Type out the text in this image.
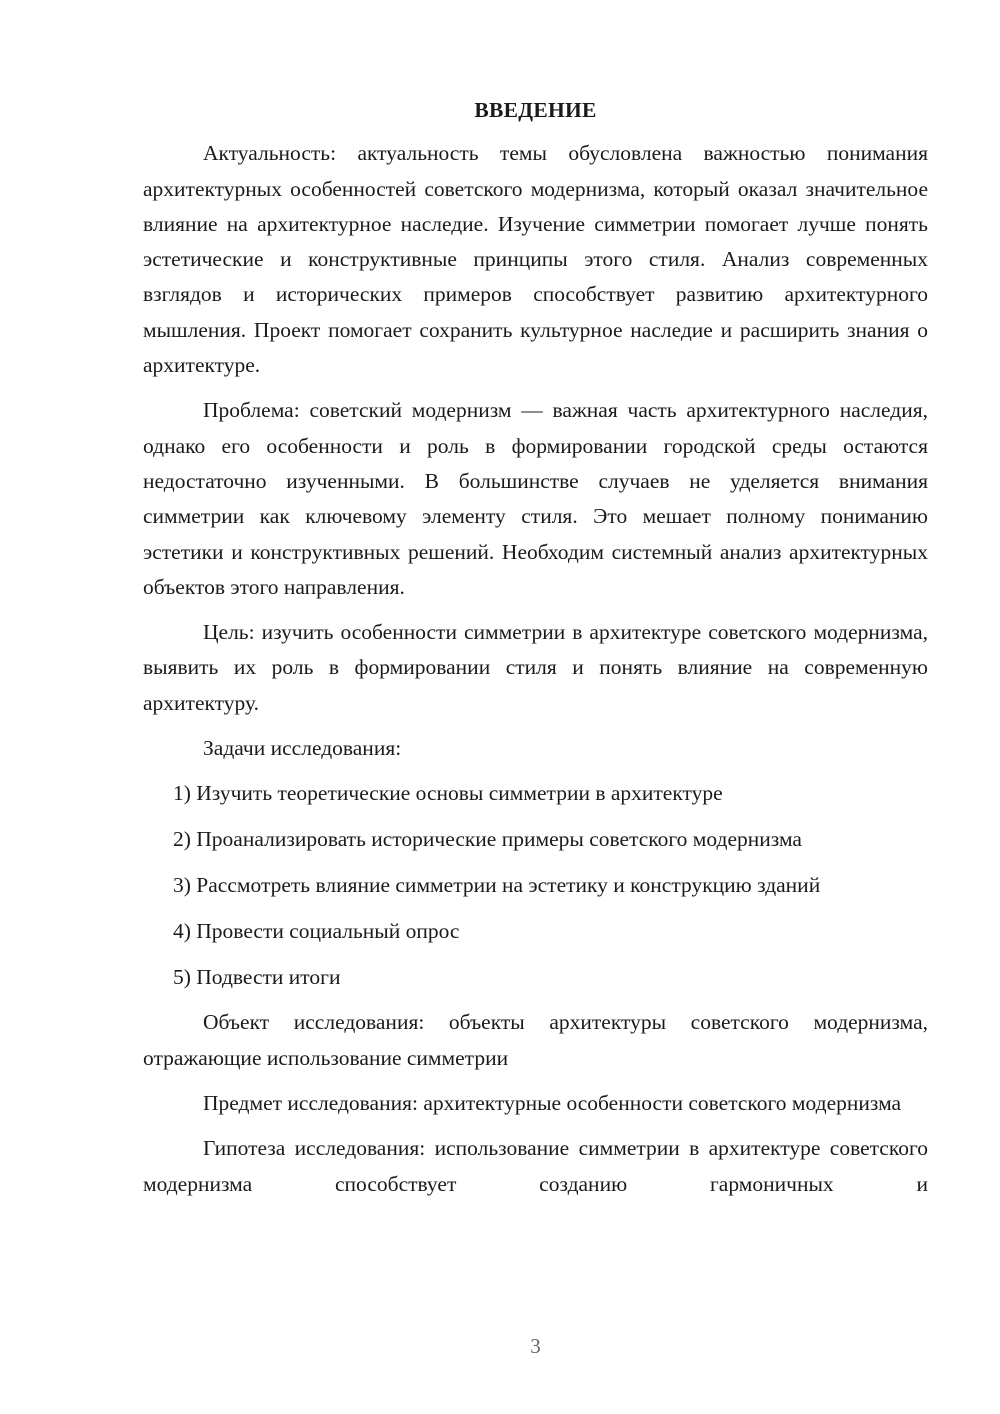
ВВЕДЕНИЕ

Актуальность: актуальность темы обусловлена важностью понимания архитектурных особенностей советского модернизма, который оказал значительное влияние на архитектурное наследие. Изучение симметрии помогает лучше понять эстетические и конструктивные принципы этого стиля. Анализ современных взглядов и исторических примеров способствует развитию архитектурного мышления. Проект помогает сохранить культурное наследие и расширить знания о архитектуре.

Проблема: советский модернизм — важная часть архитектурного наследия, однако его особенности и роль в формировании городской среды остаются недостаточно изученными. В большинстве случаев не уделяется внимания симметрии как ключевому элементу стиля. Это мешает полному пониманию эстетики и конструктивных решений. Необходим системный анализ архитектурных объектов этого направления.

Цель: изучить особенности симметрии в архитектуре советского модернизма, выявить их роль в формировании стиля и понять влияние на современную архитектуру.

Задачи исследования:

1) Изучить теоретические основы симметрии в архитектуре
2) Проанализировать исторические примеры советского модернизма
3) Рассмотреть влияние симметрии на эстетику и конструкцию зданий
4) Провести социальный опрос
5) Подвести итоги

Объект исследования: объекты архитектуры советского модернизма, отражающие использование симметрии

Предмет исследования: архитектурные особенности советского модернизма

Гипотеза исследования: использование симметрии в архитектуре советского модернизма способствует созданию гармоничных и

3
